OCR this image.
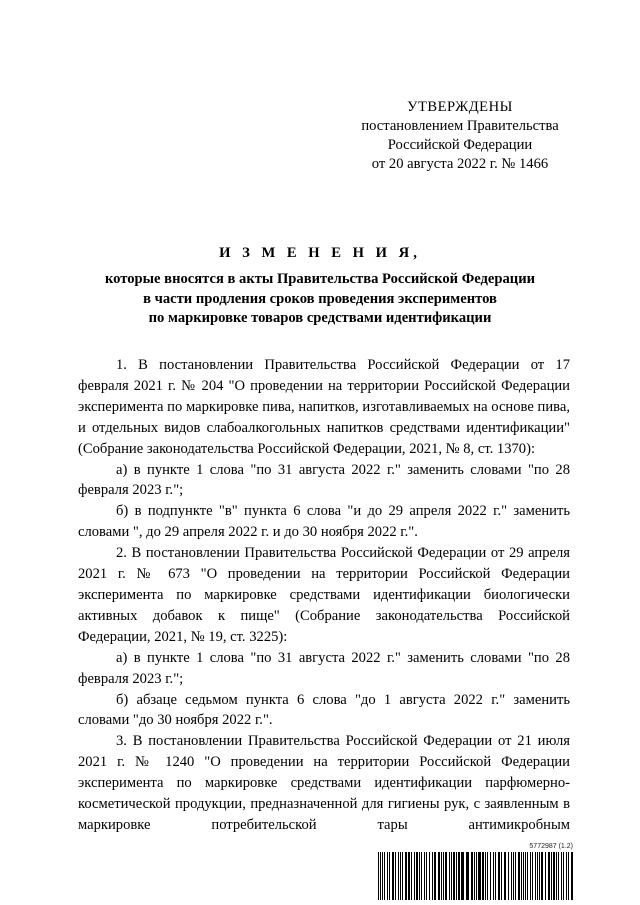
УТВЕРЖДЕНЫ
постановлением Правительства
Российской Федерации
от 20 августа 2022 г. № 1466
И З М Е Н Е Н И Я,
которые вносятся в акты Правительства Российской Федерации
в части продления сроков проведения экспериментов
по маркировке товаров средствами идентификации

1. В постановлении Правительства Российской Федерации от 17 февраля 2021 г. № 204 "О проведении на территории Российской Федерации эксперимента по маркировке пива, напитков, изготавливаемых на основе пива, и отдельных видов слабоалкогольных напитков средствами идентификации" (Собрание законодательства Российской Федерации, 2021, № 8, ст. 1370):

а) в пункте 1 слова "по 31 августа 2022 г." заменить словами "по 28 февраля 2023 г.";

б) в подпункте "в" пункта 6 слова "и до 29 апреля 2022 г." заменить словами ", до 29 апреля 2022 г. и до 30 ноября 2022 г.".

2. В постановлении Правительства Российской Федерации от 29 апреля 2021 г. № 673 "О проведении на территории Российской Федерации эксперимента по маркировке средствами идентификации биологически активных добавок к пище" (Собрание законодательства Российской Федерации, 2021, № 19, ст. 3225):

а) в пункте 1 слова "по 31 августа 2022 г." заменить словами "по 28 февраля 2023 г.";

б) абзаце седьмом пункта 6 слова "до 1 августа 2022 г." заменить словами "до 30 ноября 2022 г.".

3. В постановлении Правительства Российской Федерации от 21 июля 2021 г. № 1240 "О проведении на территории Российской Федерации эксперимента по маркировке средствами идентификации парфюмерно-косметической продукции, предназначенной для гигиены рук, с заявленным в маркировке потребительской тары антимикробным

5772987 (1.2)
